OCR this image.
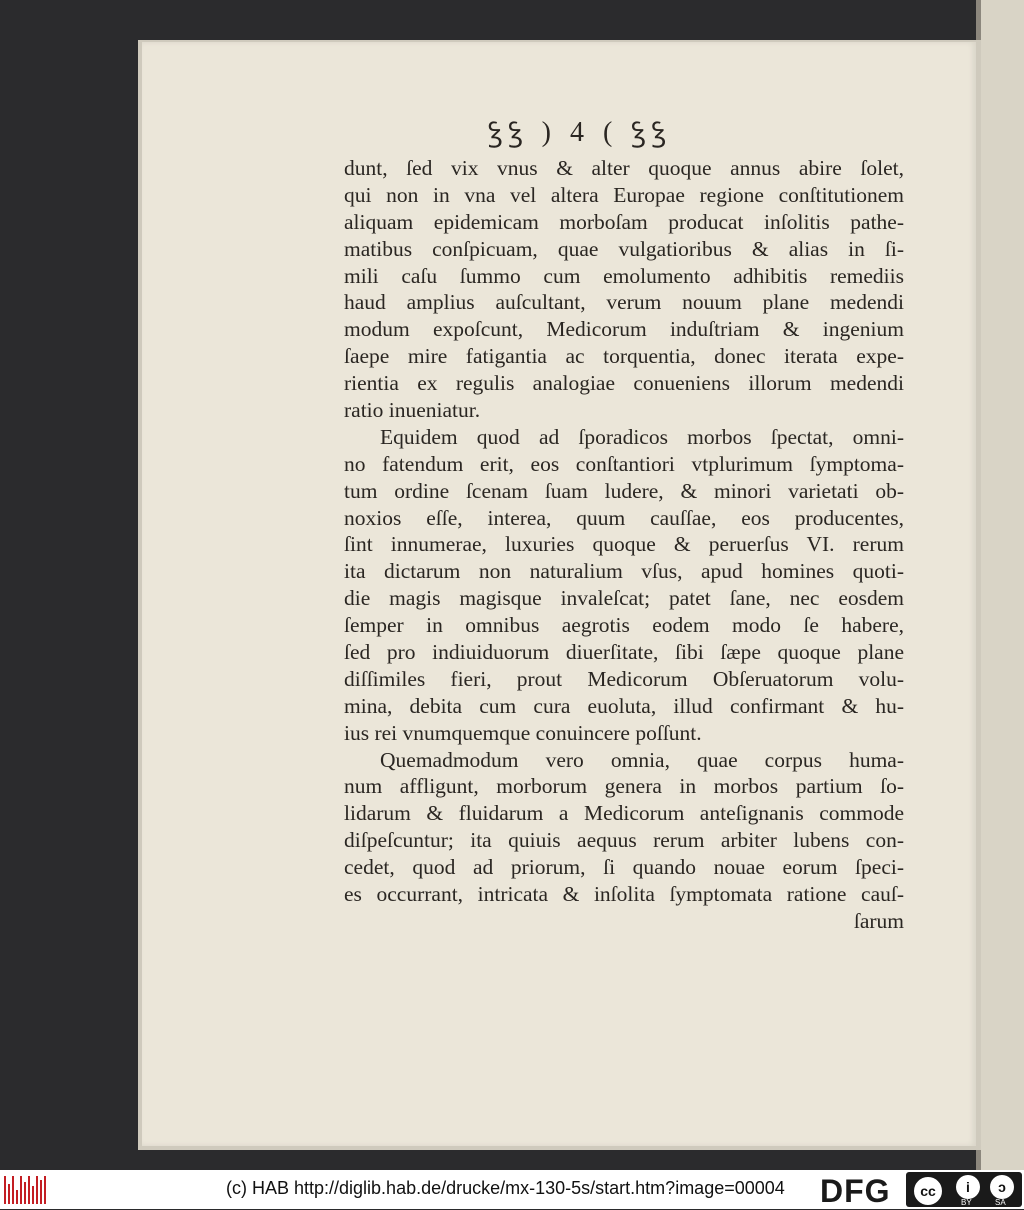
ꝣꝣ ) 4 ( ꝣꝣ
dunt, ſed vix vnus & alter quoque annus abire ſolet,
qui non in vna vel altera Europae regione conſtitutionem
aliquam epidemicam morboſam producat inſolitis pathe-
matibus conſpicuam, quae vulgatioribus & alias in ſi-
mili caſu ſummo cum emolumento adhibitis remediis
haud amplius auſcultant, verum nouum plane medendi
modum expoſcunt, Medicorum induſtriam & ingenium
ſaepe mire fatigantia ac torquentia, donec iterata expe-
rientia ex regulis analogiae conueniens illorum medendi
ratio inueniatur.
Equidem quod ad ſporadicos morbos ſpectat, omni-
no fatendum erit, eos conſtantiori vtplurimum ſymptoma-
tum ordine ſcenam ſuam ludere, & minori varietati ob-
noxios eſſe, interea, quum cauſſae, eos producentes,
ſint innumerae, luxuries quoque & peruerſus VI. rerum
ita dictarum non naturalium vſus, apud homines quoti-
die magis magisque invaleſcat; patet ſane, nec eosdem
ſemper in omnibus aegrotis eodem modo ſe habere,
ſed pro indiuiduorum diuerſitate, ſibi ſæpe quoque plane
diſſimiles fieri, prout Medicorum Obſeruatorum volu-
mina, debita cum cura euoluta, illud confirmant & hu-
ius rei vnumquemque conuincere poſſunt.
Quemadmodum vero omnia, quae corpus huma-
num affligunt, morborum genera in morbos partium ſo-
lidarum & fluidarum a Medicorum anteſignanis commode
diſpeſcuntur; ita quiuis aequus rerum arbiter lubens con-
cedet, quod ad priorum, ſi quando nouae eorum ſpeci-
es occurrant, intricata & inſolita ſymptomata ratione cauſ-
ſarum
(c) HAB http://diglib.hab.de/drucke/mx-130-5s/start.htm?image=00004 DFG	cc	i	ↄ
BY	SA
